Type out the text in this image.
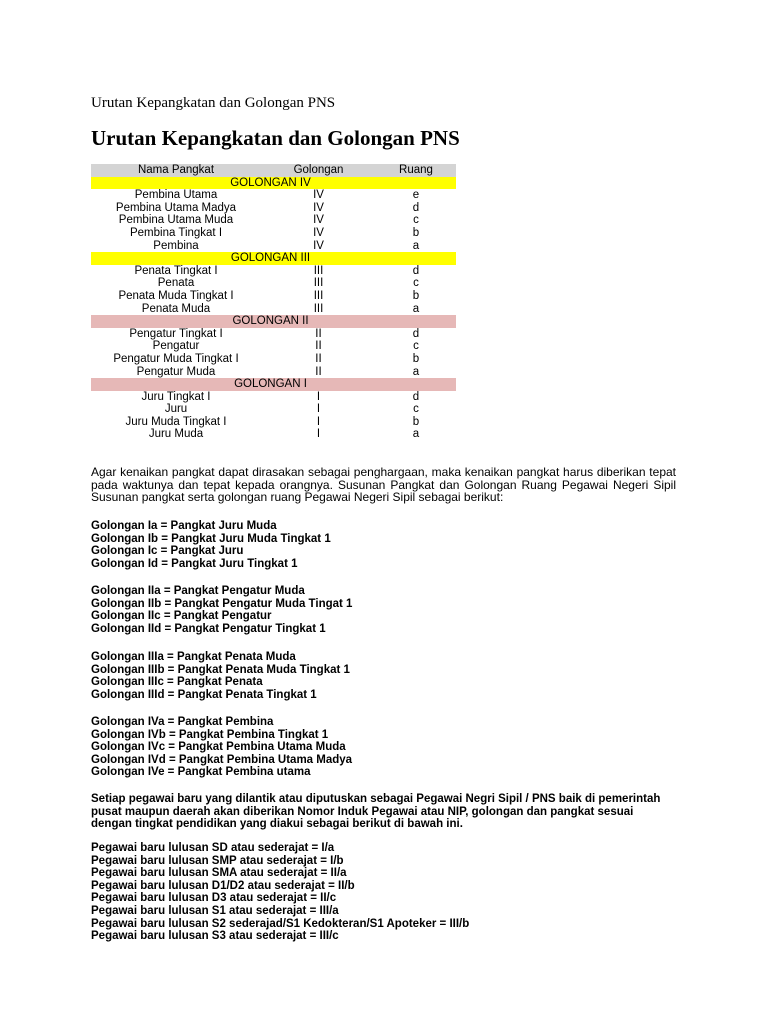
Urutan Kepangkatan dan Golongan PNS
Urutan Kepangkatan dan Golongan PNS
Nama Pangkat	Golongan	Ruang
GOLONGAN IV		
Pembina Utama	IV	e
Pembina Utama Madya	IV	d
Pembina Utama Muda	IV	c
Pembina Tingkat I	IV	b
Pembina	IV	a
GOLONGAN III		
Penata Tingkat I	III	d
Penata	III	c
Penata Muda Tingkat I	III	b
Penata Muda	III	a
GOLONGAN II		
Pengatur Tingkat I	II	d
Pengatur	II	c
Pengatur Muda Tingkat I	II	b
Pengatur Muda	II	a
GOLONGAN I		
Juru Tingkat I	I	d
Juru	I	c
Juru Muda Tingkat I	I	b
Juru Muda	I	a
Agar kenaikan pangkat dapat dirasakan sebagai penghargaan, maka kenaikan pangkat harus diberikan tepat pada waktunya dan tepat kepada orangnya. Susunan Pangkat dan Golongan Ruang Pegawai Negeri Sipil Susunan pangkat serta golongan ruang Pegawai Negeri Sipil sebagai berikut:
Golongan Ia = Pangkat Juru Muda
Golongan Ib = Pangkat Juru Muda Tingkat 1
Golongan Ic = Pangkat Juru
Golongan Id = Pangkat Juru Tingkat 1
Golongan IIa = Pangkat Pengatur Muda
Golongan IIb = Pangkat Pengatur Muda Tingat 1
Golongan IIc = Pangkat Pengatur
Golongan IId = Pangkat Pengatur Tingkat 1
Golongan IIIa = Pangkat Penata Muda
Golongan IIIb = Pangkat Penata Muda Tingkat 1
Golongan IIIc = Pangkat Penata
Golongan IIId = Pangkat Penata Tingkat 1
Golongan IVa = Pangkat Pembina
Golongan IVb = Pangkat Pembina Tingkat 1
Golongan IVc = Pangkat Pembina Utama Muda
Golongan IVd = Pangkat Pembina Utama Madya
Golongan IVe = Pangkat Pembina utama
Setiap pegawai baru yang dilantik atau diputuskan sebagai Pegawai Negri Sipil / PNS baik di pemerintah pusat maupun daerah akan diberikan Nomor Induk Pegawai atau NIP, golongan dan pangkat sesuai dengan tingkat pendidikan yang diakui sebagai berikut di bawah ini.
Pegawai baru lulusan SD atau sederajat = I/a
Pegawai baru lulusan SMP atau sederajat = I/b
Pegawai baru lulusan SMA atau sederajat = II/a
Pegawai baru lulusan D1/D2 atau sederajat = II/b
Pegawai baru lulusan D3 atau sederajat = II/c
Pegawai baru lulusan S1 atau sederajat = III/a
Pegawai baru lulusan S2 sederajad/S1 Kedokteran/S1 Apoteker = III/b
Pegawai baru lulusan S3 atau sederajat = III/c
